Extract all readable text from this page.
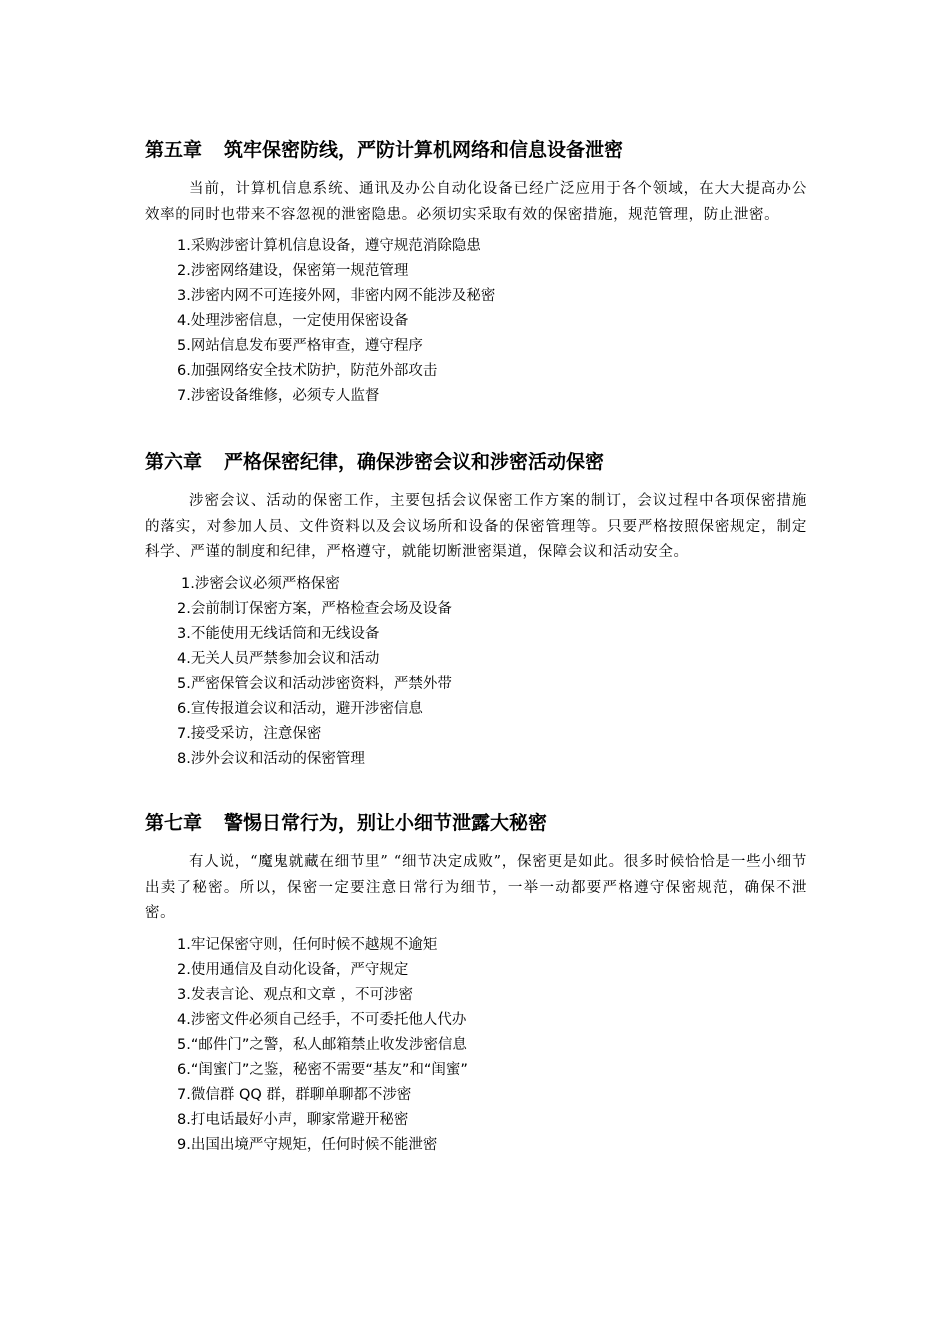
第五章 筑牢保密防线，严防计算机网络和信息设备泄密

当前，计算机信息系统、通讯及办公自动化设备已经广泛应用于各个领域，在大大提高办公效率的同时也带来不容忽视的泄密隐患。必须切实采取有效的保密措施，规范管理，防止泄密。

1.采购涉密计算机信息设备，遵守规范消除隐患
2.涉密网络建设，保密第一规范管理
3.涉密内网不可连接外网，非密内网不能涉及秘密
4.处理涉密信息，一定使用保密设备
5.网站信息发布要严格审查，遵守程序
6.加强网络安全技术防护，防范外部攻击
7.涉密设备维修，必须专人监督
第六章 严格保密纪律，确保涉密会议和涉密活动保密

涉密会议、活动的保密工作，主要包括会议保密工作方案的制订，会议过程中各项保密措施的落实，对参加人员、文件资料以及会议场所和设备的保密管理等。只要严格按照保密规定，制定科学、严谨的制度和纪律，严格遵守，就能切断泄密渠道，保障会议和活动安全。

1.涉密会议必须严格保密
2.会前制订保密方案，严格检查会场及设备
3.不能使用无线话筒和无线设备
4.无关人员严禁参加会议和活动
5.严密保管会议和活动涉密资料，严禁外带
6.宣传报道会议和活动，避开涉密信息
7.接受采访，注意保密
8.涉外会议和活动的保密管理
第七章 警惕日常行为，别让小细节泄露大秘密

有人说，“魔鬼就藏在细节里” “细节决定成败”，保密更是如此。很多时候恰恰是一些小细节出卖了秘密。所以，保密一定要注意日常行为细节，一举一动都要严格遵守保密规范，确保不泄密。

1.牢记保密守则，任何时候不越规不逾矩
2.使用通信及自动化设备，严守规定
3.发表言论、观点和文章 ，不可涉密
4.涉密文件必须自己经手，不可委托他人代办
5.“邮件门”之警，私人邮箱禁止收发涉密信息
6.“闺蜜门”之鉴，秘密不需要“基友”和“闺蜜”
7.微信群 QQ 群，群聊单聊都不涉密
8.打电话最好小声，聊家常避开秘密
9.出国出境严守规矩，任何时候不能泄密
